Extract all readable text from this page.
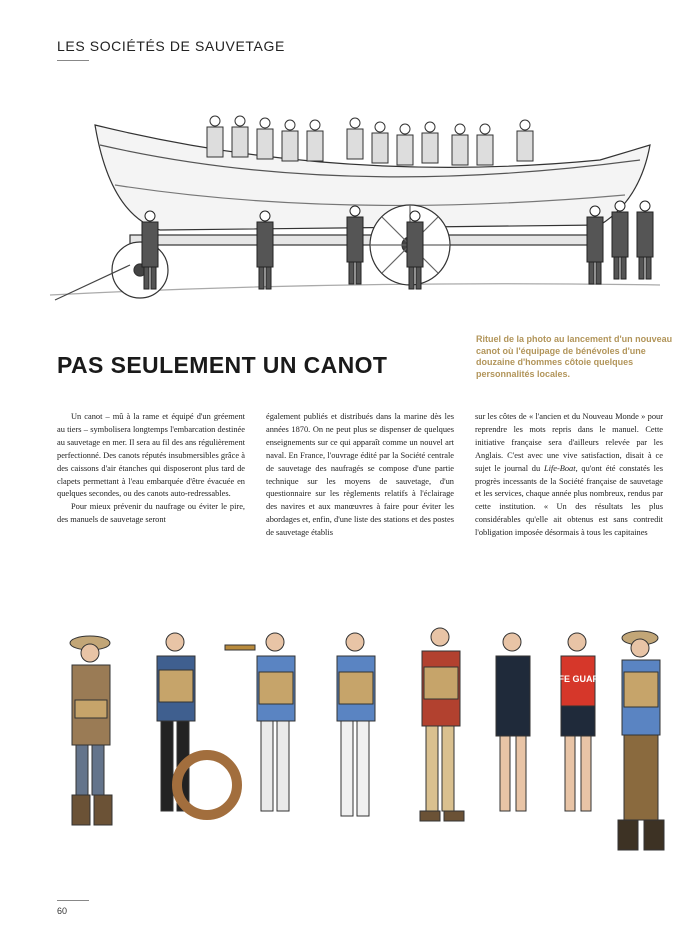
LES SOCIÉTÉS DE SAUVETAGE
PAS SEULEMENT UN CANOT
Rituel de la photo au lancement d'un nouveau canot où l'équipage de bénévoles d'une douzaine d'hommes côtoie quelques personnalités locales.

Un canot – mû à la rame et équipé d'un gréement au tiers – symbolisera longtemps l'embarcation destinée au sauvetage en mer. Il sera au fil des ans régulièrement perfectionné. Des canots réputés insubmersibles grâce à des caissons d'air étanches qui disposeront plus tard de clapets permettant à l'eau embarquée d'être évacuée en quelques secondes, ou des canots auto-redressables.

Pour mieux prévenir du naufrage ou éviter le pire, des manuels de sauvetage seront

également publiés et distribués dans la marine dès les années 1870. On ne peut plus se dispenser de quelques enseignements sur ce qui apparaît comme un nouvel art naval. En France, l'ouvrage édité par la Société centrale de sauvetage des naufragés se compose d'une partie technique sur les moyens de sauvetage, d'un questionnaire sur les règlements relatifs à l'éclairage des navires et aux manœuvres à faire pour éviter les abordages et, enfin, d'une liste des stations et des postes de sauvetage établis

sur les côtes de « l'ancien et du Nouveau Monde » pour reprendre les mots repris dans le manuel. Cette initiative française sera d'ailleurs relevée par les Anglais. C'est avec une vive satisfaction, disait à ce sujet le journal du Life-Boat, qu'ont été constatés les progrès incessants de la Société française de sauvetage et les services, chaque année plus nombreux, rendus par cette institution. « Un des résultats les plus considérables qu'elle ait obtenus est sans contredit l'obligation imposée désormais à tous les capitaines

LIFE GUARD
60
